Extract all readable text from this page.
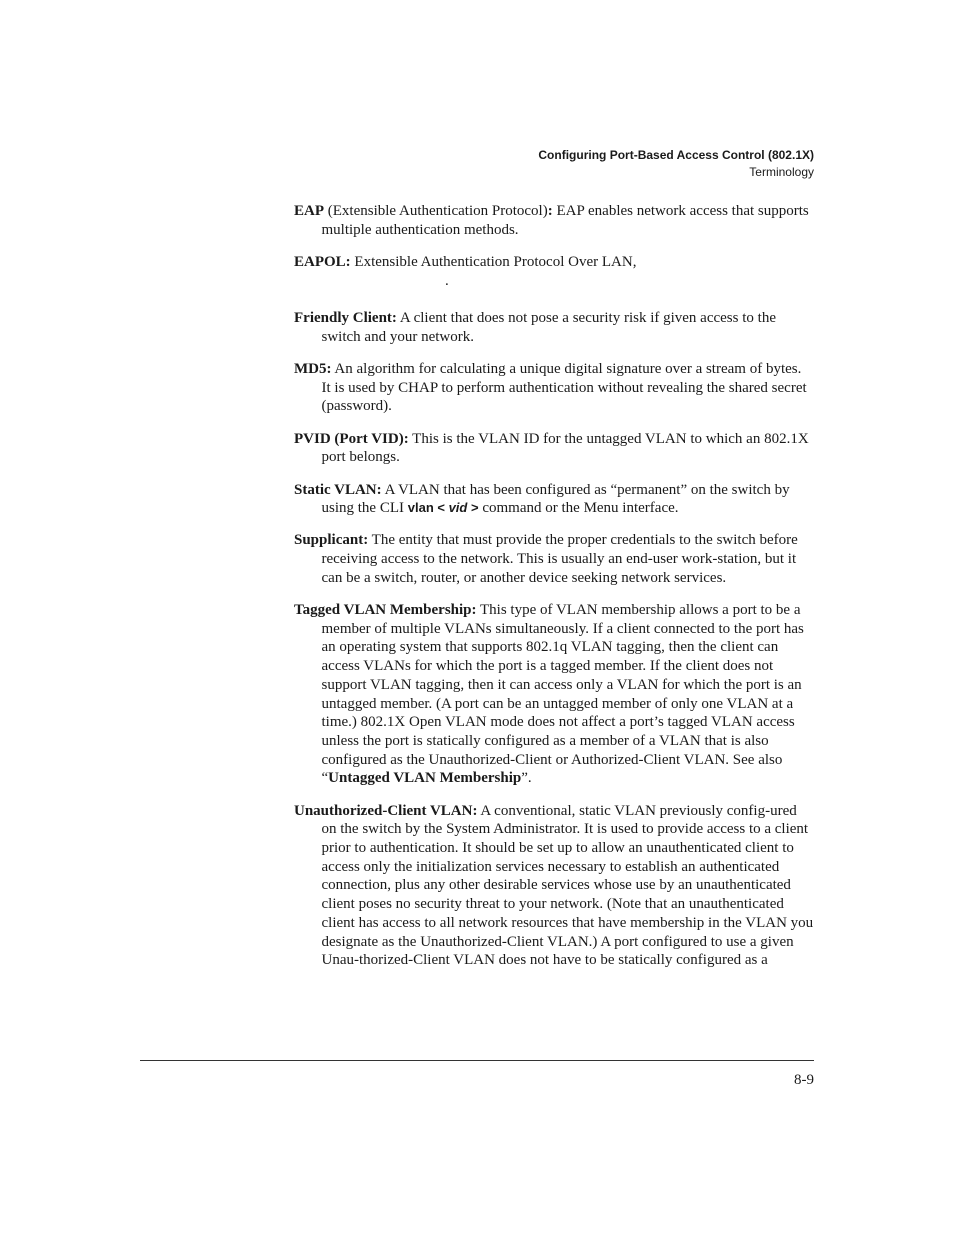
Configuring Port-Based Access Control (802.1X)
Terminology

EAP (Extensible Authentication Protocol): EAP enables network access that supports multiple authentication methods.

EAPOL: Extensible Authentication Protocol Over LAN,

.

Friendly Client: A client that does not pose a security risk if given access to the switch and your network.

MD5: An algorithm for calculating a unique digital signature over a stream of bytes. It is used by CHAP to perform authentication without revealing the shared secret (password).

PVID (Port VID): This is the VLAN ID for the untagged VLAN to which an 802.1X port belongs.

Static VLAN: A VLAN that has been configured as “permanent” on the switch by using the CLI vlan < vid > command or the Menu interface.

Supplicant: The entity that must provide the proper credentials to the switch before receiving access to the network. This is usually an end-user work-station, but it can be a switch, router, or another device seeking network services.

Tagged VLAN Membership: This type of VLAN membership allows a port to be a member of multiple VLANs simultaneously. If a client connected to the port has an operating system that supports 802.1q VLAN tagging, then the client can access VLANs for which the port is a tagged member. If the client does not support VLAN tagging, then it can access only a VLAN for which the port is an untagged member. (A port can be an untagged member of only one VLAN at a time.) 802.1X Open VLAN mode does not affect a port’s tagged VLAN access unless the port is statically configured as a member of a VLAN that is also configured as the Unauthorized-Client or Authorized-Client VLAN. See also “Untagged VLAN Membership”.

Unauthorized-Client VLAN: A conventional, static VLAN previously config-ured on the switch by the System Administrator. It is used to provide access to a client prior to authentication. It should be set up to allow an unauthenticated client to access only the initialization services necessary to establish an authenticated connection, plus any other desirable services whose use by an unauthenticated client poses no security threat to your network. (Note that an unauthenticated client has access to all network resources that have membership in the VLAN you designate as the Unauthorized-Client VLAN.) A port configured to use a given Unau-thorized-Client VLAN does not have to be statically configured as a

8-9
